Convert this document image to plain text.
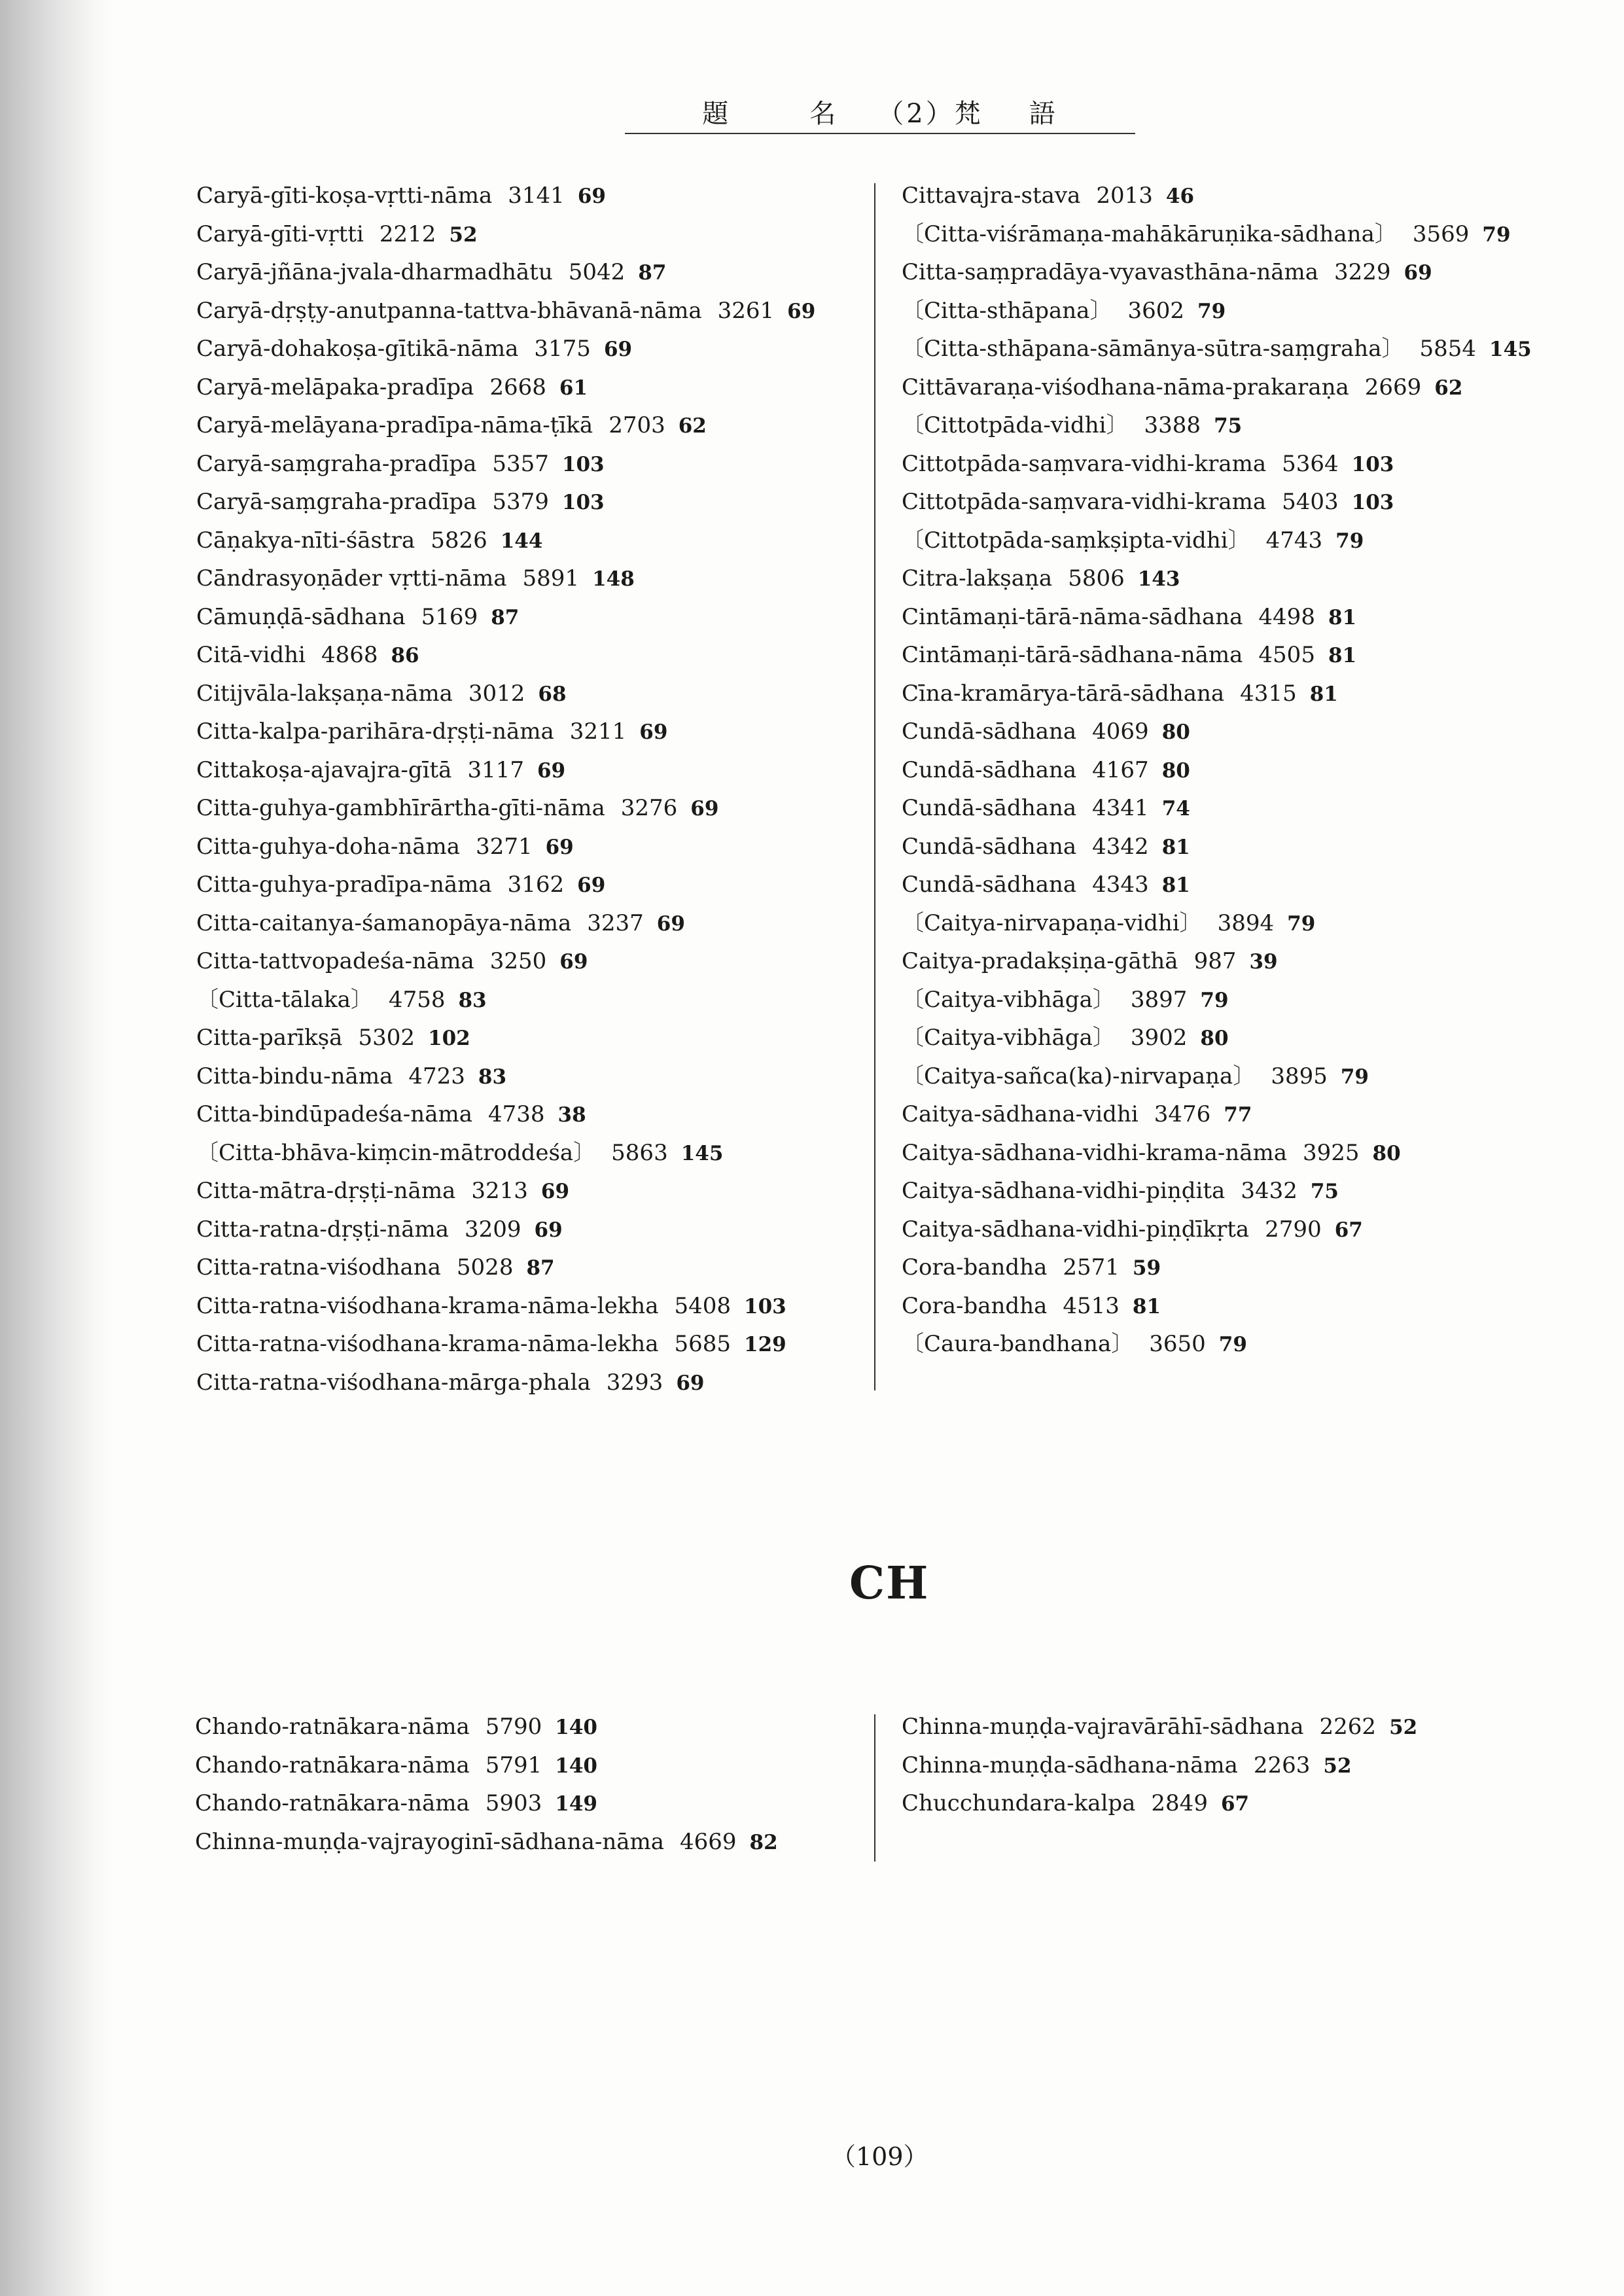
題	名 （2）梵 語
Caryā-gīti-koṣa-vṛtti-nāma 3141 69
Caryā-gīti-vṛtti 2212 52
Caryā-jñāna-jvala-dharmadhātu 5042 87
Caryā-dṛṣṭy-anutpanna-tattva-bhāvanā-nāma 3261 69
Caryā-dohakoṣa-gītikā-nāma 3175 69
Caryā-melāpaka-pradīpa 2668 61
Caryā-melāyana-pradīpa-nāma-ṭīkā 2703 62
Caryā-saṃgraha-pradīpa 5357 103
Caryā-saṃgraha-pradīpa 5379 103
Cāṇakya-nīti-śāstra 5826 144
Cāndrasyoṇāder vṛtti-nāma 5891 148
Cāmuṇḍā-sādhana 5169 87
Citā-vidhi 4868 86
Citijvāla-lakṣaṇa-nāma 3012 68
Citta-kalpa-parihāra-dṛṣṭi-nāma 3211 69
Cittakoṣa-ajavajra-gītā 3117 69
Citta-guhya-gambhīrārtha-gīti-nāma 3276 69
Citta-guhya-doha-nāma 3271 69
Citta-guhya-pradīpa-nāma 3162 69
Citta-caitanya-śamanopāya-nāma 3237 69
Citta-tattvopadeśa-nāma 3250 69
〔Citta-tālaka〕 4758 83
Citta-parīkṣā 5302 102
Citta-bindu-nāma 4723 83
Citta-bindūpadeśa-nāma 4738 38
〔Citta-bhāva-kiṃcin-mātroddeśa〕 5863 145
Citta-mātra-dṛṣṭi-nāma 3213 69
Citta-ratna-dṛṣṭi-nāma 3209 69
Citta-ratna-viśodhana 5028 87
Citta-ratna-viśodhana-krama-nāma-lekha 5408 103
Citta-ratna-viśodhana-krama-nāma-lekha 5685 129
Citta-ratna-viśodhana-mārga-phala 3293 69
Cittavajra-stava 2013 46
〔Citta-viśrāmaṇa-mahākāruṇika-sādhana〕 3569 79
Citta-saṃpradāya-vyavasthāna-nāma 3229 69
〔Citta-sthāpana〕 3602 79
〔Citta-sthāpana-sāmānya-sūtra-saṃgraha〕 5854 145
Cittāvaraṇa-viśodhana-nāma-prakaraṇa 2669 62
〔Cittotpāda-vidhi〕 3388 75
Cittotpāda-saṃvara-vidhi-krama 5364 103
Cittotpāda-saṃvara-vidhi-krama 5403 103
〔Cittotpāda-saṃkṣipta-vidhi〕 4743 79
Citra-lakṣaṇa 5806 143
Cintāmaṇi-tārā-nāma-sādhana 4498 81
Cintāmaṇi-tārā-sādhana-nāma 4505 81
Cīna-kramārya-tārā-sādhana 4315 81
Cundā-sādhana 4069 80
Cundā-sādhana 4167 80
Cundā-sādhana 4341 74
Cundā-sādhana 4342 81
Cundā-sādhana 4343 81
〔Caitya-nirvapaṇa-vidhi〕 3894 79
Caitya-pradakṣiṇa-gāthā 987 39
〔Caitya-vibhāga〕 3897 79
〔Caitya-vibhāga〕 3902 80
〔Caitya-sañca(ka)-nirvapaṇa〕 3895 79
Caitya-sādhana-vidhi 3476 77
Caitya-sādhana-vidhi-krama-nāma 3925 80
Caitya-sādhana-vidhi-piṇḍita 3432 75
Caitya-sādhana-vidhi-piṇḍīkṛta 2790 67
Cora-bandha 2571 59
Cora-bandha 4513 81
〔Caura-bandhana〕 3650 79
CH
Chando-ratnākara-nāma 5790 140
Chando-ratnākara-nāma 5791 140
Chando-ratnākara-nāma 5903 149
Chinna-muṇḍa-vajrayoginī-sādhana-nāma 4669 82
Chinna-muṇḍa-vajravārāhī-sādhana 2262 52
Chinna-muṇḍa-sādhana-nāma 2263 52
Chucchundara-kalpa 2849 67
（109）
